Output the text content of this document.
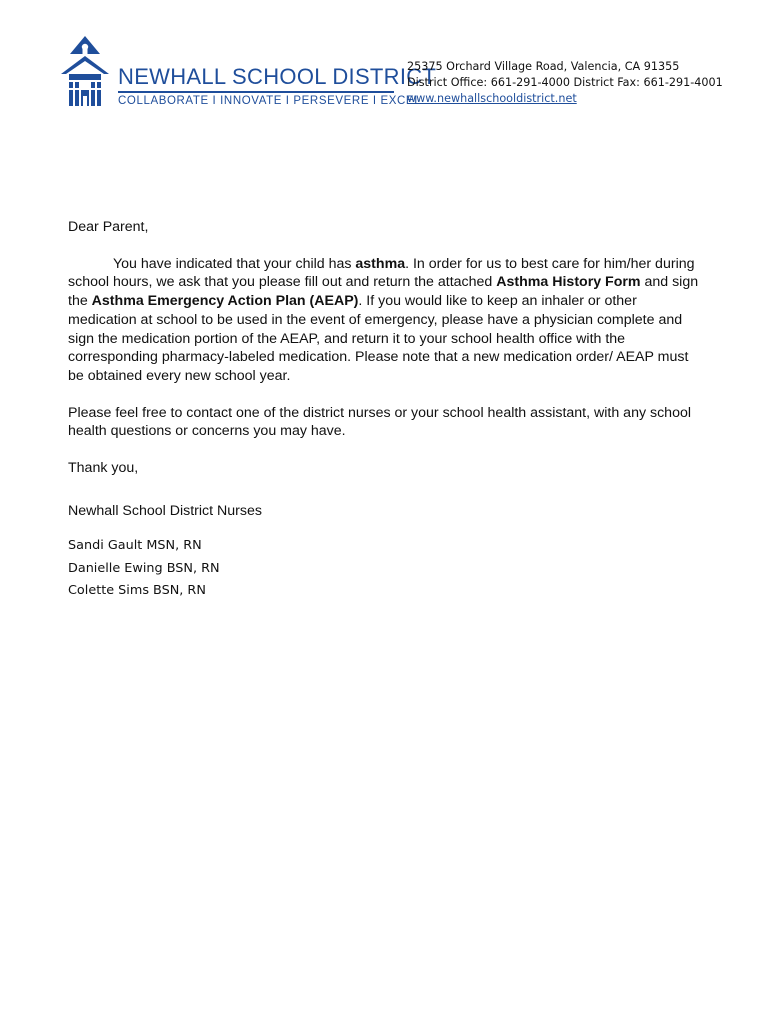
NEWHALL SCHOOL DISTRICT
COLLABORATE I INNOVATE I PERSEVERE I EXCEL
25375 Orchard Village Road, Valencia, CA 91355
District Office: 661-291-4000 District Fax: 661-291-4001
www.newhallschooldistrict.net

Dear Parent,

You have indicated that your child has asthma. In order for us to best care for him/her during school hours, we ask that you please fill out and return the attached Asthma History Form and sign the Asthma Emergency Action Plan (AEAP). If you would like to keep an inhaler or other medication at school to be used in the event of emergency, please have a physician complete and sign the medication portion of the AEAP, and return it to your school health office with the corresponding pharmacy-labeled medication. Please note that a new medication order/ AEAP must be obtained every new school year.

Please feel free to contact one of the district nurses or your school health assistant, with any school health questions or concerns you may have.

Thank you,

Newhall School District Nurses

Sandi Gault MSN, RN
Danielle Ewing BSN, RN
Colette Sims BSN, RN
